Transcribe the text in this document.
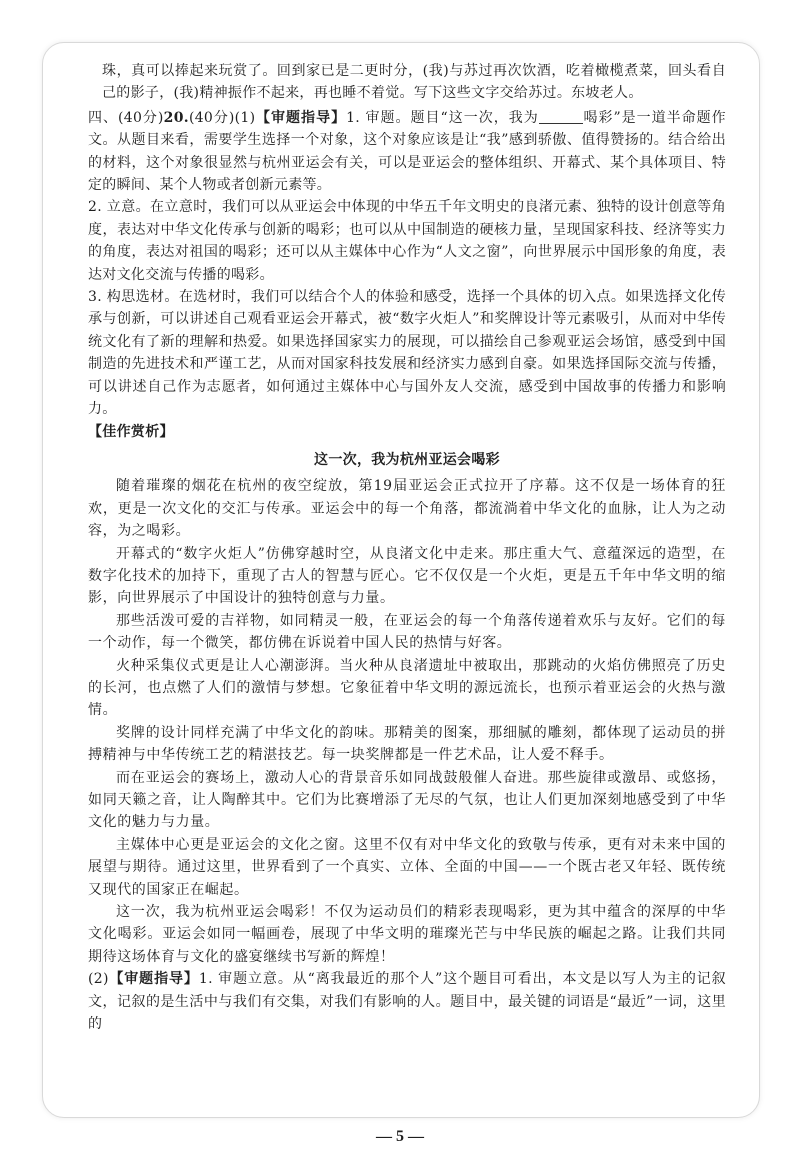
珠，真可以捧起来玩赏了。回到家已是二更时分，(我)与苏过再次饮酒，吃着橄榄煮菜，回头看自己的影子，(我)精神振作不起来，再也睡不着觉。写下这些文字交给苏过。东坡老人。

四、(40分)20.(40分)(1)【审题指导】1. 审题。题目“这一次，我为	喝彩”是一道半命题作文。从题目来看，需要学生选择一个对象，这个对象应该是让“我”感到骄傲、值得赞扬的。结合给出的材料，这个对象很显然与杭州亚运会有关，可以是亚运会的整体组织、开幕式、某个具体项目、特定的瞬间、某个人物或者创新元素等。

2. 立意。在立意时，我们可以从亚运会中体现的中华五千年文明史的良渚元素、独特的设计创意等角度，表达对中华文化传承与创新的喝彩；也可以从中国制造的硬核力量，呈现国家科技、经济等实力的角度，表达对祖国的喝彩；还可以从主媒体中心作为“人文之窗”，向世界展示中国形象的角度，表达对文化交流与传播的喝彩。

3. 构思选材。在选材时，我们可以结合个人的体验和感受，选择一个具体的切入点。如果选择文化传承与创新，可以讲述自己观看亚运会开幕式，被“数字火炬人”和奖牌设计等元素吸引，从而对中华传统文化有了新的理解和热爱。如果选择国家实力的展现，可以描绘自己参观亚运会场馆，感受到中国制造的先进技术和严谨工艺，从而对国家科技发展和经济实力感到自豪。如果选择国际交流与传播，可以讲述自己作为志愿者，如何通过主媒体中心与国外友人交流，感受到中国故事的传播力和影响力。

【佳作赏析】

这一次，我为杭州亚运会喝彩

随着璀璨的烟花在杭州的夜空绽放，第19届亚运会正式拉开了序幕。这不仅是一场体育的狂欢，更是一次文化的交汇与传承。亚运会中的每一个角落，都流淌着中华文化的血脉，让人为之动容，为之喝彩。

开幕式的“数字火炬人”仿佛穿越时空，从良渚文化中走来。那庄重大气、意蕴深远的造型，在数字化技术的加持下，重现了古人的智慧与匠心。它不仅仅是一个火炬，更是五千年中华文明的缩影，向世界展示了中国设计的独特创意与力量。

那些活泼可爱的吉祥物，如同精灵一般，在亚运会的每一个角落传递着欢乐与友好。它们的每一个动作，每一个微笑，都仿佛在诉说着中国人民的热情与好客。

火种采集仪式更是让人心潮澎湃。当火种从良渚遗址中被取出，那跳动的火焰仿佛照亮了历史的长河，也点燃了人们的激情与梦想。它象征着中华文明的源远流长，也预示着亚运会的火热与激情。

奖牌的设计同样充满了中华文化的韵味。那精美的图案，那细腻的雕刻，都体现了运动员的拼搏精神与中华传统工艺的精湛技艺。每一块奖牌都是一件艺术品，让人爱不释手。

而在亚运会的赛场上，激动人心的背景音乐如同战鼓般催人奋进。那些旋律或激昂、或悠扬，如同天籁之音，让人陶醉其中。它们为比赛增添了无尽的气氛，也让人们更加深刻地感受到了中华文化的魅力与力量。

主媒体中心更是亚运会的文化之窗。这里不仅有对中华文化的致敬与传承，更有对未来中国的展望与期待。通过这里，世界看到了一个真实、立体、全面的中国——一个既古老又年轻、既传统又现代的国家正在崛起。

这一次，我为杭州亚运会喝彩！不仅为运动员们的精彩表现喝彩，更为其中蕴含的深厚的中华文化喝彩。亚运会如同一幅画卷，展现了中华文明的璀璨光芒与中华民族的崛起之路。让我们共同期待这场体育与文化的盛宴继续书写新的辉煌！

(2)【审题指导】1. 审题立意。从“离我最近的那个人”这个题目可看出，本文是以写人为主的记叙文，记叙的是生活中与我们有交集，对我们有影响的人。题目中，最关键的词语是“最近”一词，这里的

— 5 —
